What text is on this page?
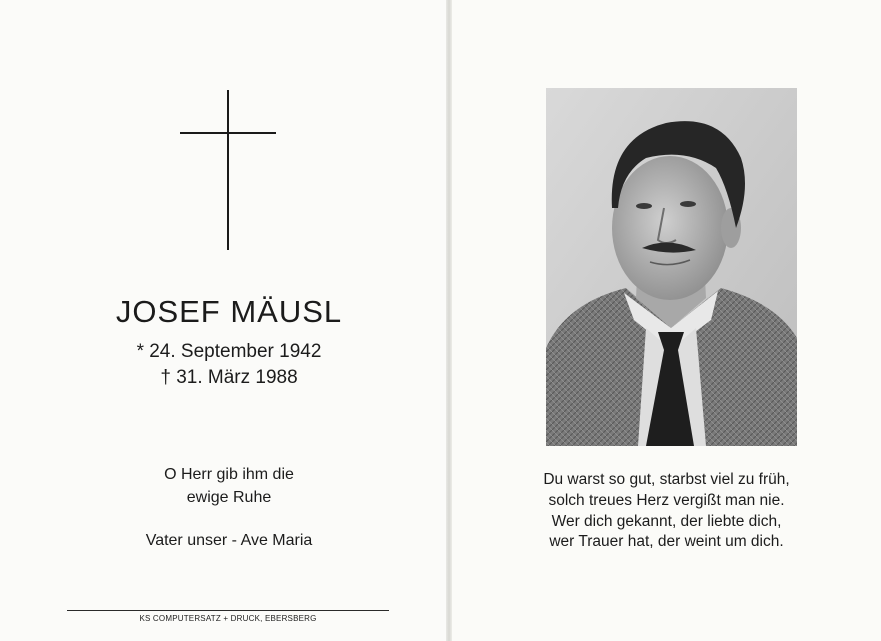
JOSEF MÄUSL
* 24. September 1942
† 31. März 1988
O Herr gib ihm die
ewige Ruhe
Vater unser - Ave Maria
KS COMPUTERSATZ + DRUCK, EBERSBERG
Du warst so gut, starbst viel zu früh,
solch treues Herz vergißt man nie.
Wer dich gekannt, der liebte dich,
wer Trauer hat, der weint um dich.
